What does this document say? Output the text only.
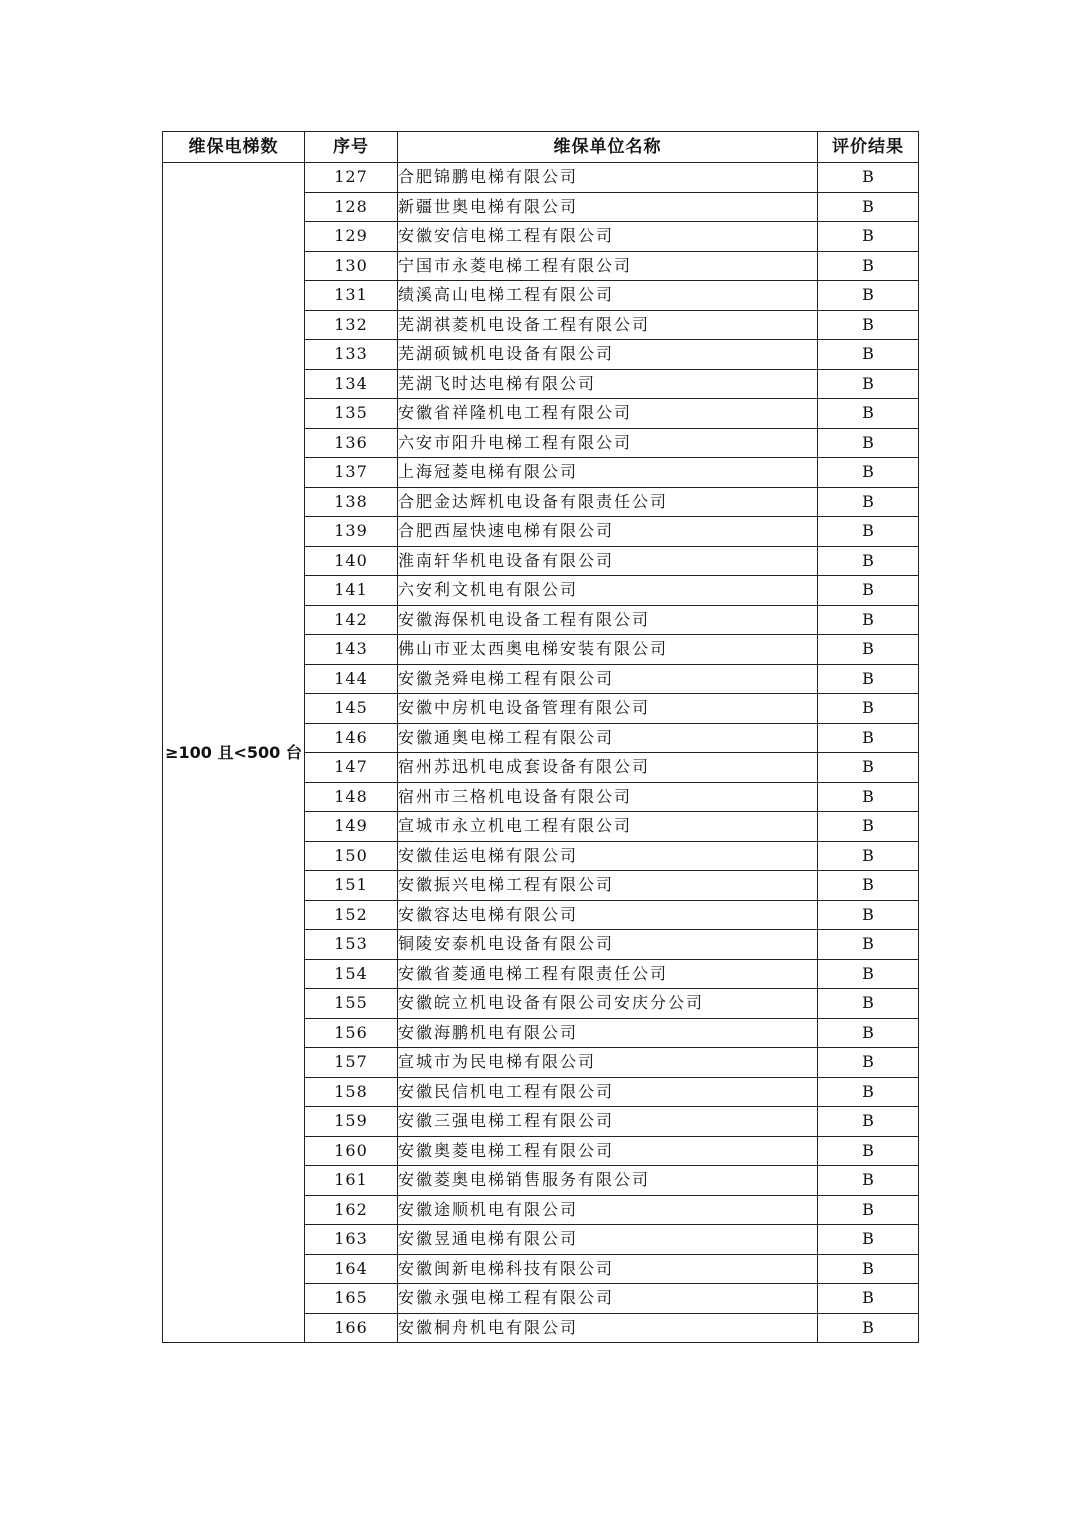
维保电梯数	序号	维保单位名称	评价结果
≥100 且<500 台	127	合肥锦鹏电梯有限公司	B
	128	新疆世奥电梯有限公司	B
	129	安徽安信电梯工程有限公司	B
	130	宁国市永菱电梯工程有限公司	B
	131	绩溪高山电梯工程有限公司	B
	132	芜湖祺菱机电设备工程有限公司	B
	133	芜湖硕铖机电设备有限公司	B
	134	芜湖飞时达电梯有限公司	B
	135	安徽省祥隆机电工程有限公司	B
	136	六安市阳升电梯工程有限公司	B
	137	上海冠菱电梯有限公司	B
	138	合肥金达辉机电设备有限责任公司	B
	139	合肥西屋快速电梯有限公司	B
	140	淮南轩华机电设备有限公司	B
	141	六安利文机电有限公司	B
	142	安徽海保机电设备工程有限公司	B
	143	佛山市亚太西奥电梯安装有限公司	B
	144	安徽尧舜电梯工程有限公司	B
	145	安徽中房机电设备管理有限公司	B
	146	安徽通奥电梯工程有限公司	B
	147	宿州苏迅机电成套设备有限公司	B
	148	宿州市三格机电设备有限公司	B
	149	宣城市永立机电工程有限公司	B
	150	安徽佳运电梯有限公司	B
	151	安徽振兴电梯工程有限公司	B
	152	安徽容达电梯有限公司	B
	153	铜陵安泰机电设备有限公司	B
	154	安徽省菱通电梯工程有限责任公司	B
	155	安徽皖立机电设备有限公司安庆分公司	B
	156	安徽海鹏机电有限公司	B
	157	宣城市为民电梯有限公司	B
	158	安徽民信机电工程有限公司	B
	159	安徽三强电梯工程有限公司	B
	160	安徽奥菱电梯工程有限公司	B
	161	安徽菱奥电梯销售服务有限公司	B
	162	安徽途顺机电有限公司	B
	163	安徽昱通电梯有限公司	B
	164	安徽闽新电梯科技有限公司	B
	165	安徽永强电梯工程有限公司	B
	166	安徽桐舟机电有限公司	B
